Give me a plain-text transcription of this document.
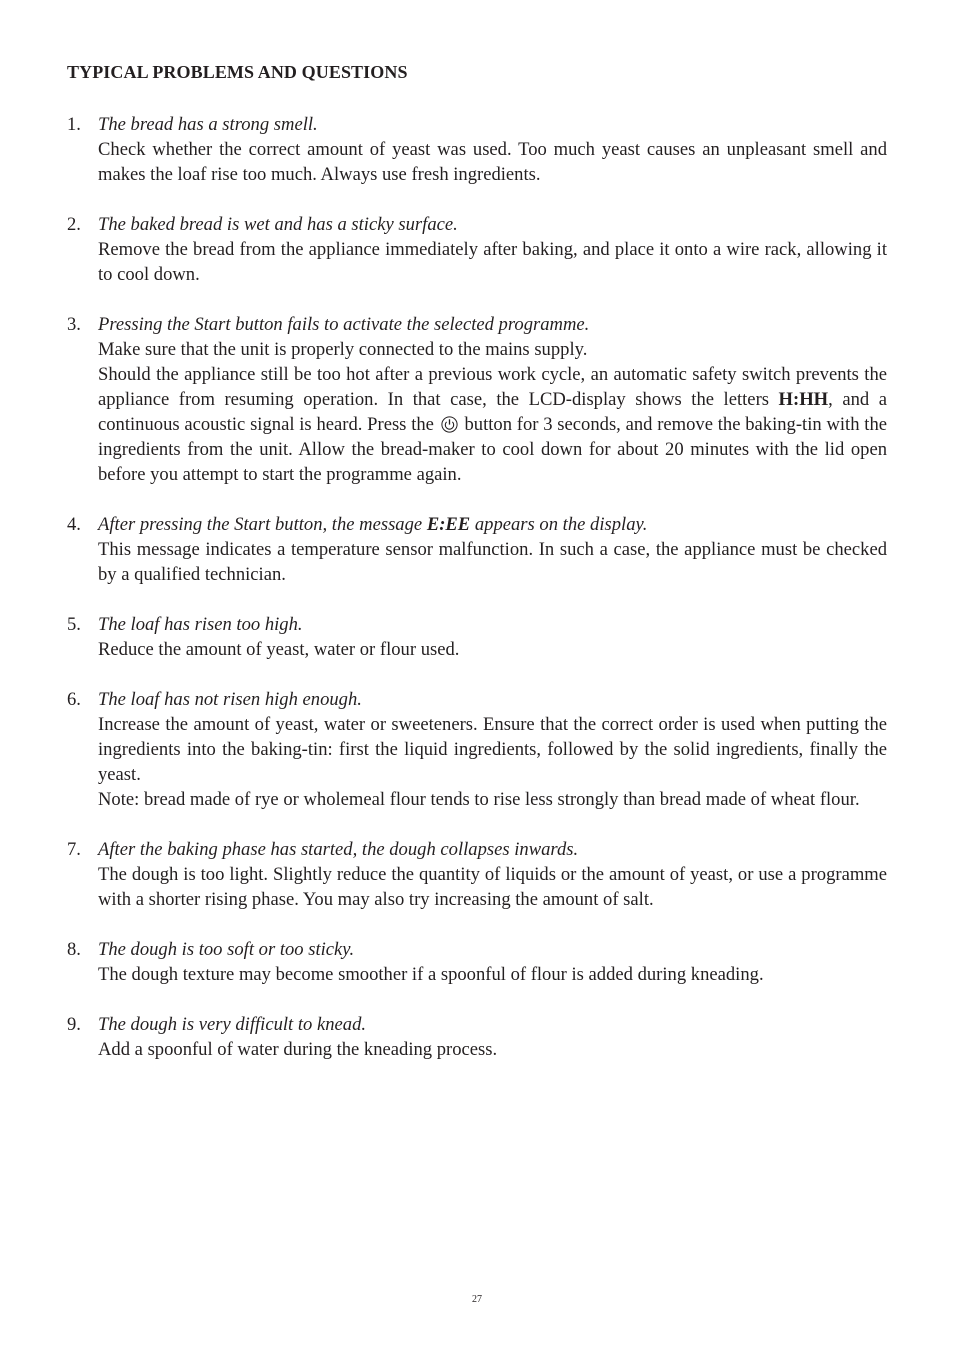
TYPICAL PROBLEMS AND QUESTIONS
1. The bread has a strong smell.
Check whether the correct amount of yeast was used. Too much yeast causes an unpleasant smell and makes the loaf rise too much. Always use fresh ingredients.
2. The baked bread is wet and has a sticky surface.
Remove the bread from the appliance immediately after baking, and place it onto a wire rack, allowing it to cool down.
3. Pressing the Start button fails to activate the selected programme.
Make sure that the unit is properly connected to the mains supply.
Should the appliance still be too hot after a previous work cycle, an automatic safety switch prevents the appliance from resuming operation. In that case, the LCD-display shows the letters H:HH, and a continuous acoustic signal is heard. Press the  button for 3 seconds, and remove the baking-tin with the ingredients from the unit. Allow the bread-maker to cool down for about 20 minutes with the lid open before you attempt to start the programme again.
4. After pressing the Start button, the message E:EE appears on the display.
This message indicates a temperature sensor malfunction. In such a case, the appliance must be checked by a qualified technician.
5. The loaf has risen too high.
Reduce the amount of yeast, water or flour used.
6. The loaf has not risen high enough.
Increase the amount of yeast, water or sweeteners. Ensure that the correct order is used when putting the ingredients into the baking-tin: first the liquid ingredients, followed by the solid ingredients, finally the yeast.
Note: bread made of rye or wholemeal flour tends to rise less strongly than bread made of wheat flour.
7. After the baking phase has started, the dough collapses inwards.
The dough is too light. Slightly reduce the quantity of liquids or the amount of yeast, or use a programme with a shorter rising phase. You may also try increasing the amount of salt.
8. The dough is too soft or too sticky.
The dough texture may become smoother if a spoonful of flour is added during kneading.
9. The dough is very difficult to knead.
Add a spoonful of water during the kneading process.

27
